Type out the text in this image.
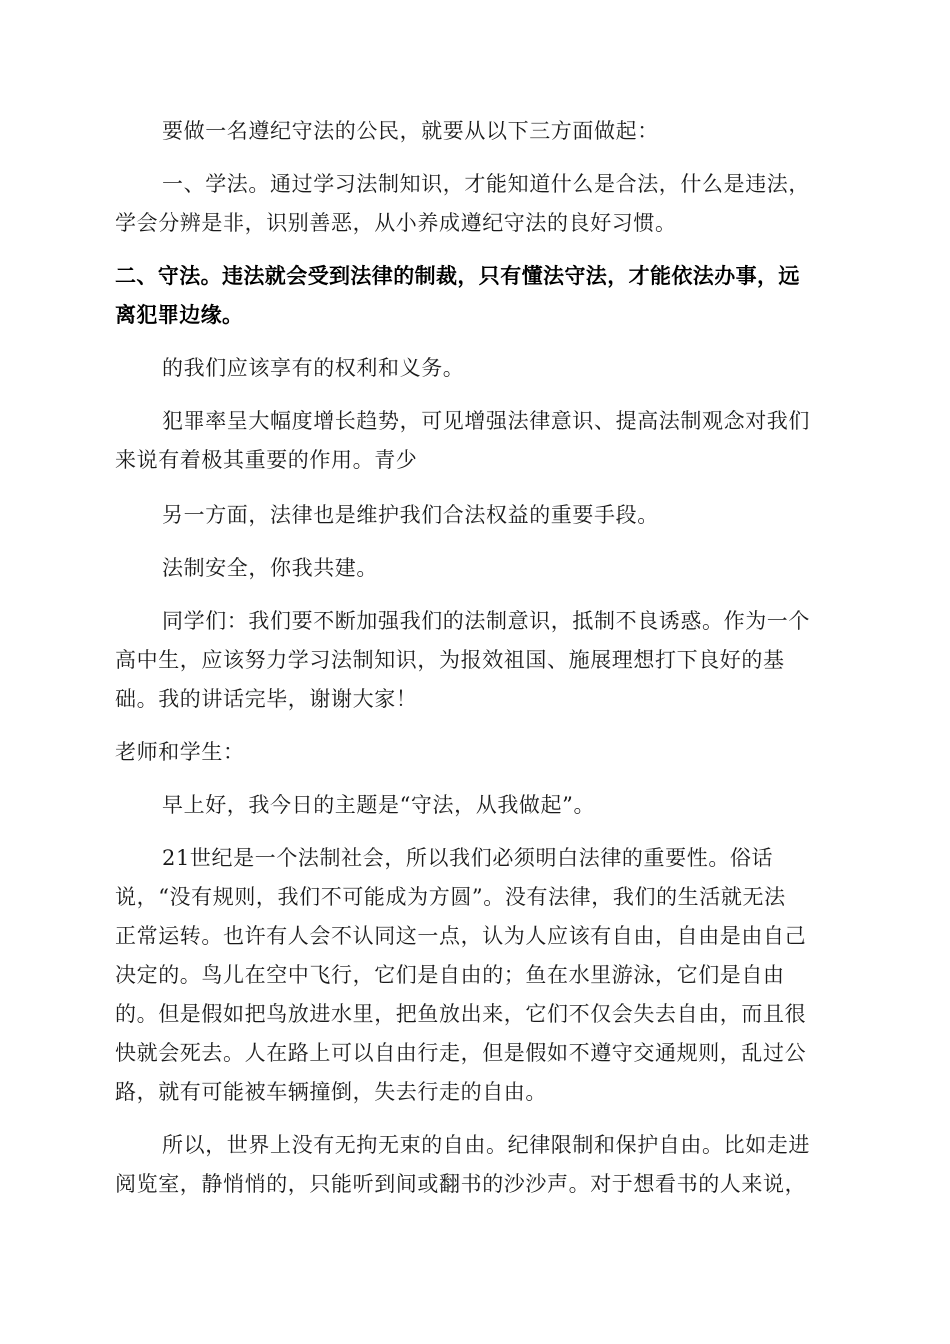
要做一名遵纪守法的公民，就要从以下三方面做起：
一、学法。通过学习法制知识，才能知道什么是合法，什么是违法，
学会分辨是非，识别善恶，从小养成遵纪守法的良好习惯。
二、守法。违法就会受到法律的制裁，只有懂法守法，才能依法办事，远
离犯罪边缘。
的我们应该享有的权利和义务。
犯罪率呈大幅度增长趋势，可见增强法律意识、提高法制观念对我们
来说有着极其重要的作用。青少
另一方面，法律也是维护我们合法权益的重要手段。
法制安全，你我共建。
同学们：我们要不断加强我们的法制意识，抵制不良诱惑。作为一个
高中生，应该努力学习法制知识，为报效祖国、施展理想打下良好的基
础。我的讲话完毕，谢谢大家！
老师和学生：
早上好，我今日的主题是“守法，从我做起”。
21世纪是一个法制社会，所以我们必须明白法律的重要性。俗话
说，“没有规则，我们不可能成为方圆”。没有法律，我们的生活就无法
正常运转。也许有人会不认同这一点，认为人应该有自由，自由是由自己
决定的。鸟儿在空中飞行，它们是自由的；鱼在水里游泳，它们是自由
的。但是假如把鸟放进水里，把鱼放出来，它们不仅会失去自由，而且很
快就会死去。人在路上可以自由行走，但是假如不遵守交通规则，乱过公
路，就有可能被车辆撞倒，失去行走的自由。
所以，世界上没有无拘无束的自由。纪律限制和保护自由。比如走进
阅览室，静悄悄的，只能听到间或翻书的沙沙声。对于想看书的人来说，
